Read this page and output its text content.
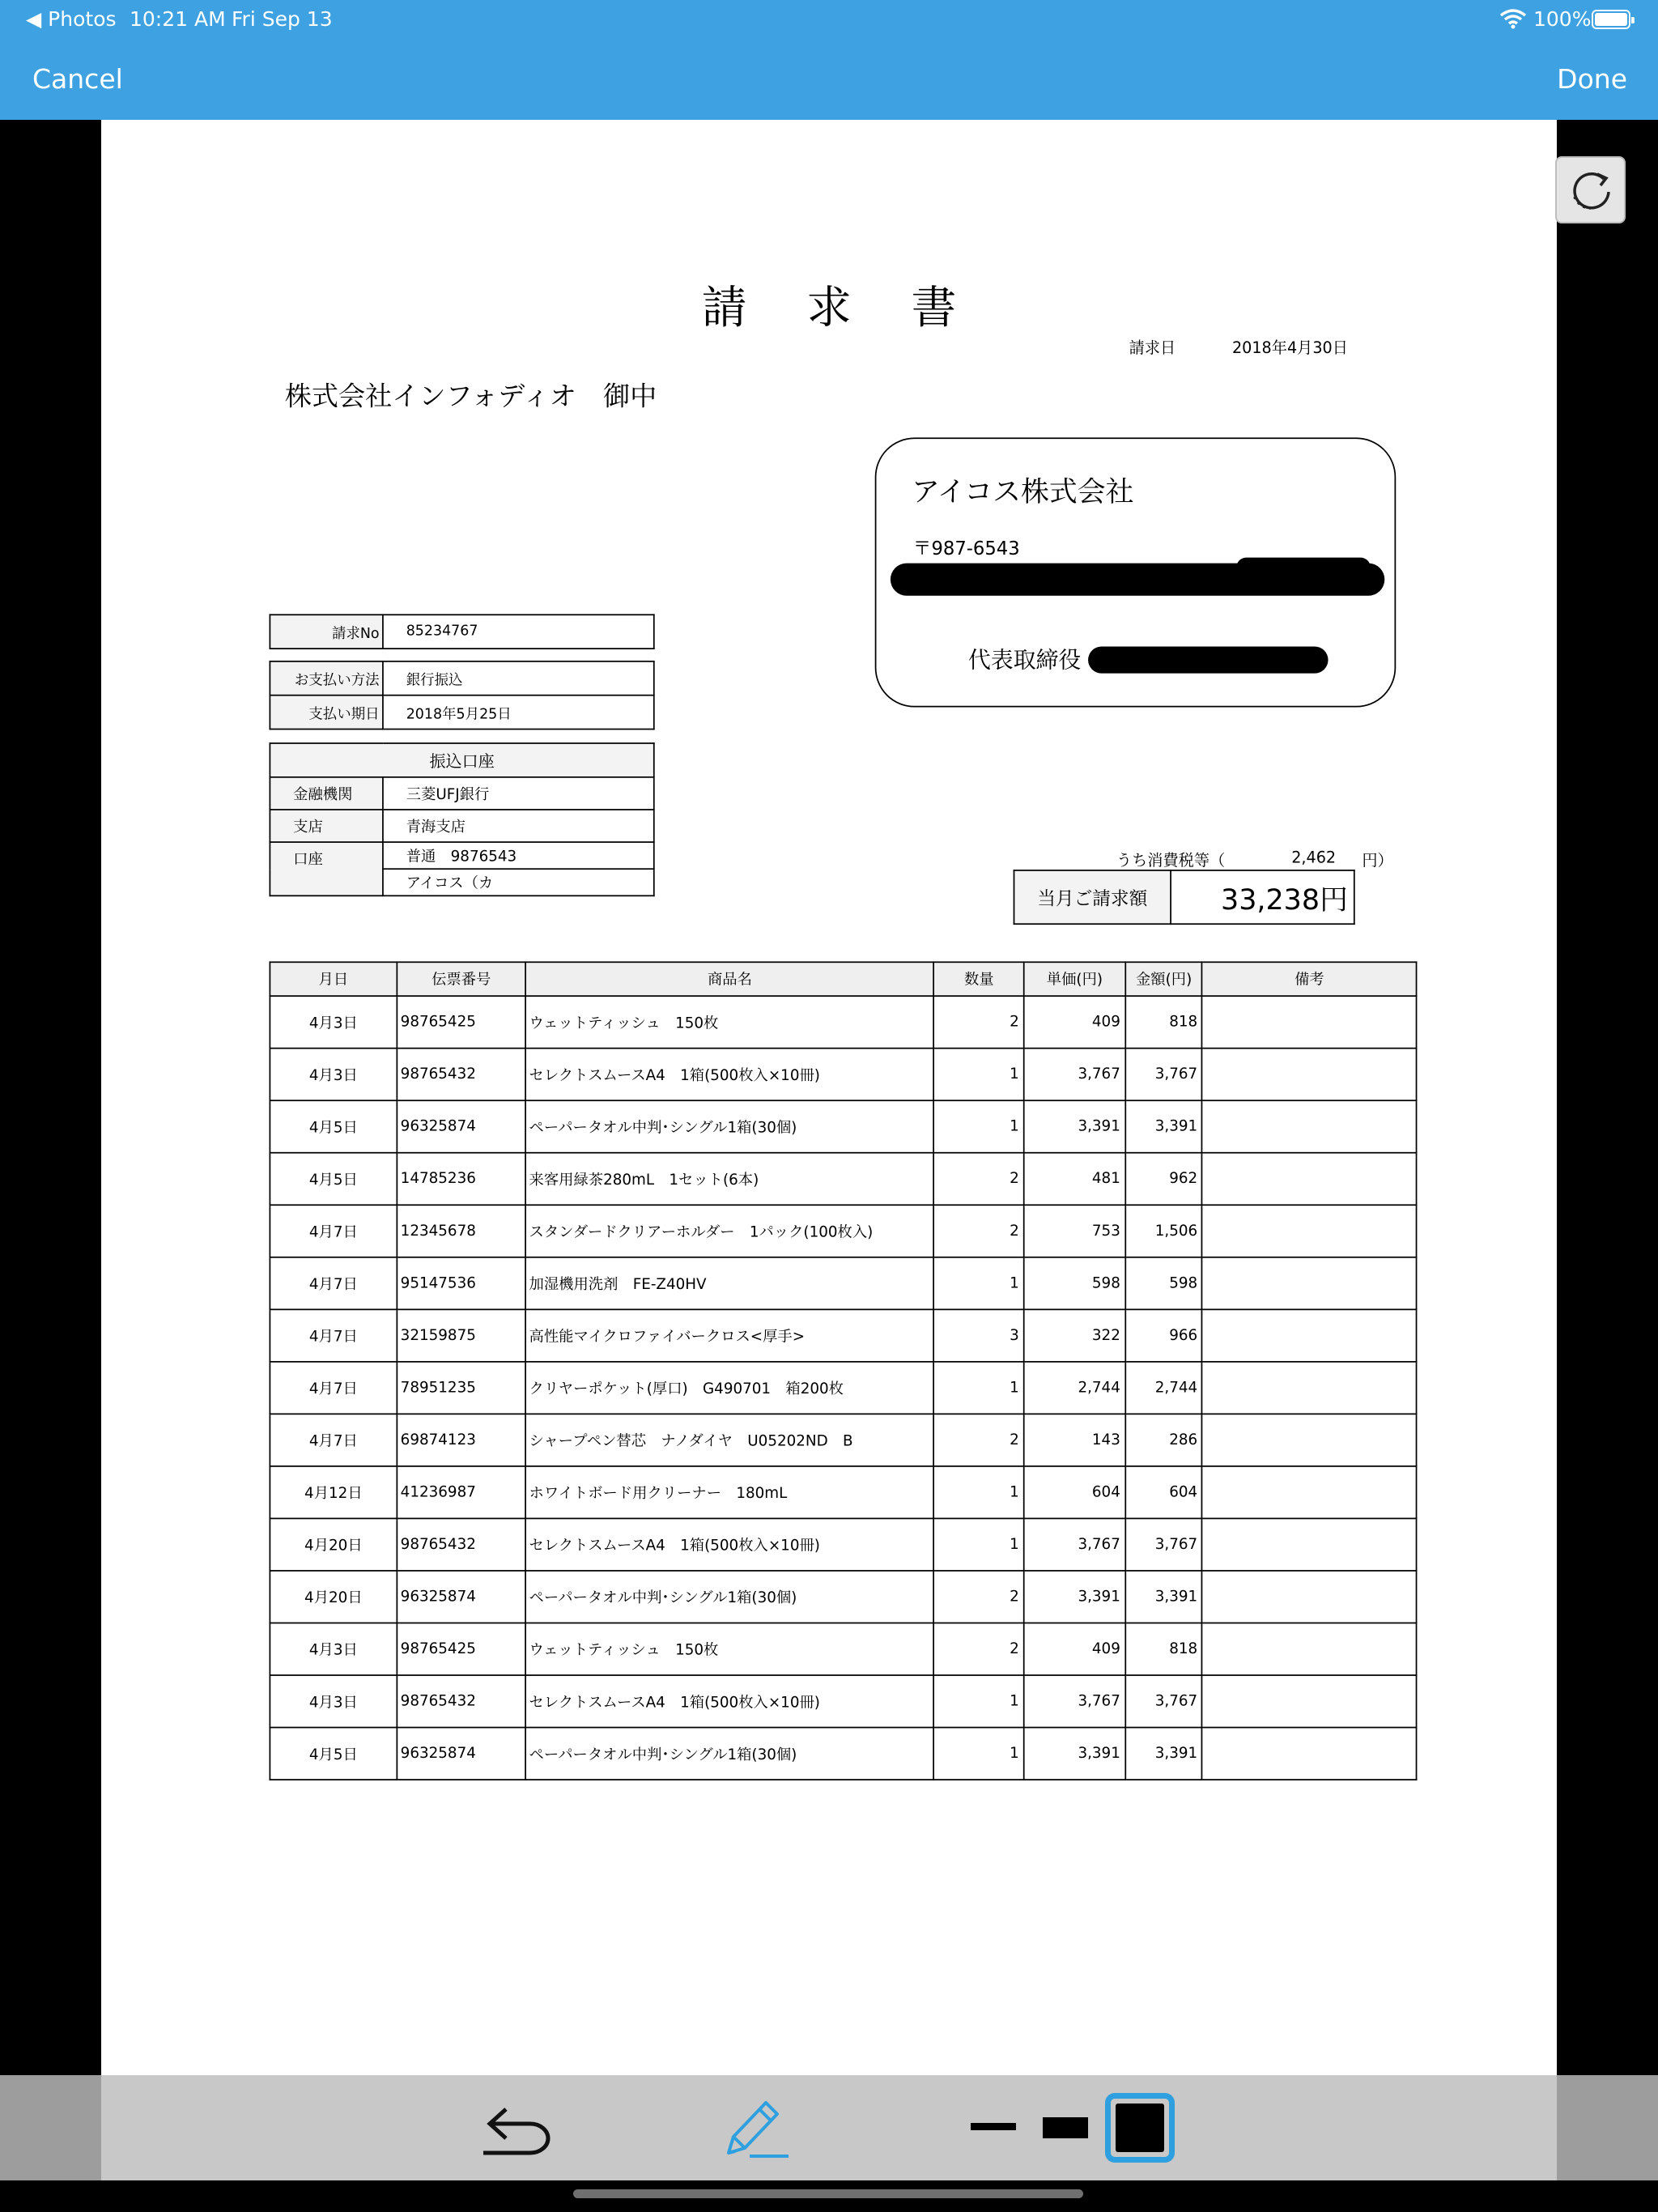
◀ Photos 10:21 AM Fri Sep 13	100%
Cancel	Done
請 求 書
請求日	2018年4月30日
株式会社インフォディオ　御中
アイコス株式会社
〒987-6543
代表取締役
請求No	85234767
お支払い方法	銀行振込
支払い期日	2018年5月25日
振込口座	
金融機関	三菱UFJ銀行
支店	青海支店
口座	普通　9876543
	アイコス（カ
うち消費税等（	2,462	円）
当月ご請求額	33,238円
月日	伝票番号	商品名	数量	単価(円)	金額(円)	備考
4月3日	98765425	ウェットティッシュ　150枚	2	409	818	
4月3日	98765432	セレクトスムースA4　1箱(500枚入×10冊)	1	3,767	3,767	
4月5日	96325874	ペーパータオル中判･シングル1箱(30個)	1	3,391	3,391	
4月5日	14785236	来客用緑茶280mL　1セット(6本)	2	481	962	
4月7日	12345678	スタンダードクリアーホルダー　1パック(100枚入)	2	753	1,506	
4月7日	95147536	加湿機用洗剤　FE-Z40HV	1	598	598	
4月7日	32159875	高性能マイクロファイバークロス<厚手>	3	322	966	
4月7日	78951235	クリヤーポケット(厚口)　G490701　箱200枚	1	2,744	2,744	
4月7日	69874123	シャープペン替芯　ナノダイヤ　U05202ND　B	2	143	286	
4月12日	41236987	ホワイトボード用クリーナー　180mL	1	604	604	
4月20日	98765432	セレクトスムースA4　1箱(500枚入×10冊)	1	3,767	3,767	
4月20日	96325874	ペーパータオル中判･シングル1箱(30個)	2	3,391	3,391	
4月3日	98765425	ウェットティッシュ　150枚	2	409	818	
4月3日	98765432	セレクトスムースA4　1箱(500枚入×10冊)	1	3,767	3,767	
4月5日	96325874	ペーパータオル中判･シングル1箱(30個)	1	3,391	3,391	
